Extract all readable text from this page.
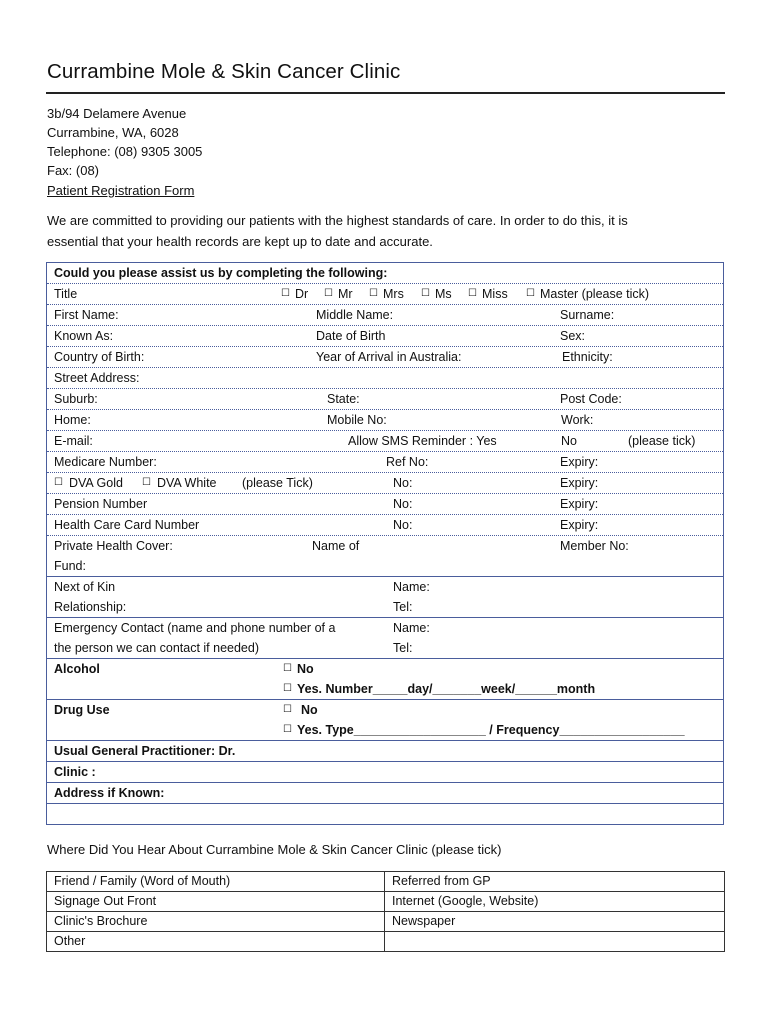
Currambine Mole & Skin Cancer Clinic
3b/94 Delamere Avenue
Currambine, WA, 6028
Telephone: (08) 9305 3005
Fax: (08)
Patient Registration Form
We are committed to providing our patients with the highest standards of care. In order to do this, it is
essential that your health records are kept up to date and accurate.
Could you please assist us by completing the following:

Title	☐ Dr ☐ Mr ☐ Mrs ☐ Ms ☐ Miss ☐ Master (please tick)

First Name:	Middle Name:	Surname:

Known As:	Date of Birth	Sex:

Country of Birth:	Year of Arrival in Australia:	Ethnicity:

Street Address:

Suburb:	State:	Post Code:

Home:	Mobile No:	Work:

E-mail:	Allow SMS Reminder : Yes	No	(please tick)

Medicare Number:	Ref No:	Expiry:

☐ DVA Gold ☐ DVA White (please Tick)	No:	Expiry:

Pension Number	No:	Expiry:

Health Care Card Number	No:	Expiry:

Private Health Cover:	Name of	Member No:

Fund:

Next of Kin	Name:

Relationship:	Tel:

Emergency Contact (name and phone number of a	Name:

the person we can contact if needed)	Tel:

Alcohol	☐ No

☐ Yes. Number_____day/_______week/______month

Drug Use	☐ No

☐ Yes. Type___________________ / Frequency__________________

Usual General Practitioner: Dr.

Clinic :

Address if Known:

Where Did You Hear About Currambine Mole & Skin Cancer Clinic (please tick)
Friend / Family (Word of Mouth)	Referred from GP
Signage Out Front	Internet (Google, Website)
Clinic's Brochure	Newspaper
Other	
